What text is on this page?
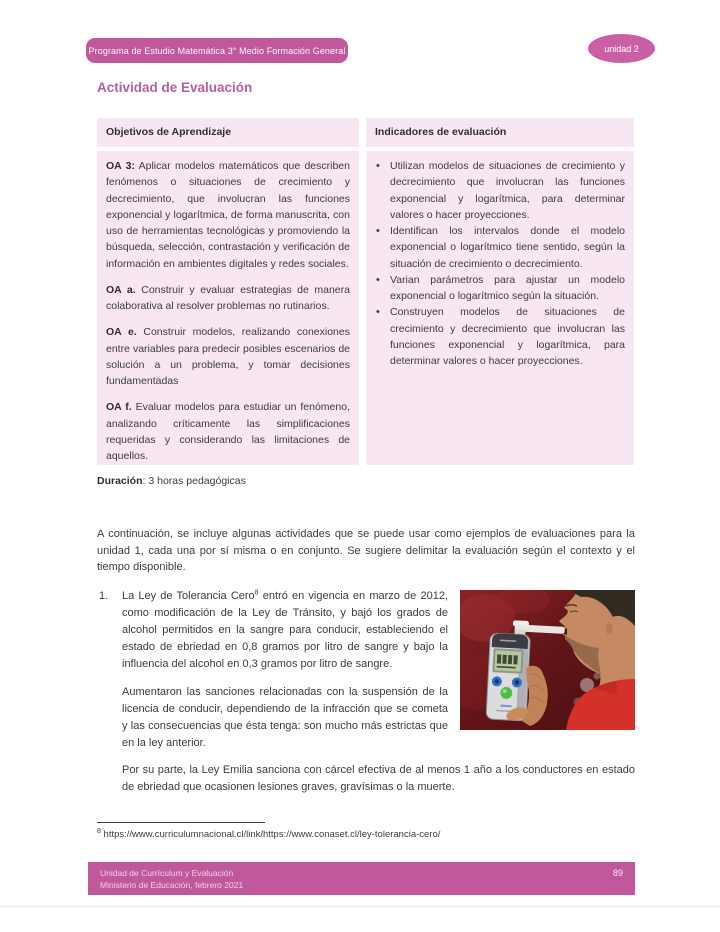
Programa de Estudio Matemática 3° Medio Formación General	unidad 2
Actividad de Evaluación
Objetivos de Aprendizaje	Indicadores de evaluación

OA 3: Aplicar modelos matemáticos que describen fenómenos o situaciones de crecimiento y decrecimiento, que involucran las funciones exponencial y logarítmica, de forma manuscrita, con uso de herramientas tecnológicas y promoviendo la búsqueda, selección, contrastación y verificación de información en ambientes digitales y redes sociales.

OA a. Construir y evaluar estrategias de manera colaborativa al resolver problemas no rutinarios.

OA e. Construir modelos, realizando conexiones entre variables para predecir posibles escenarios de solución a un problema, y tomar decisiones fundamentadas

OA f. Evaluar modelos para estudiar un fenómeno, analizando críticamente las simplificaciones requeridas y considerando las limitaciones de aquellos.

• Utilizan modelos de situaciones de crecimiento y decrecimiento que involucran las funciones exponencial y logarítmica, para determinar valores o hacer proyecciones.
• Identifican los intervalos donde el modelo exponencial o logarítmico tiene sentido, según la situación de crecimiento o decrecimiento.
• Varian parámetros para ajustar un modelo exponencial o logarítmico según la situación.
• Construyen modelos de situaciones de crecimiento y decrecimiento que involucran las funciones exponencial y logarítmica, para determinar valores o hacer proyecciones.

Duración: 3 horas pedagógicas

A continuación, se incluye algunas actividades que se puede usar como ejemplos de evaluaciones para la unidad 1, cada una por sí misma o en conjunto. Se sugiere delimitar la evaluación según el contexto y el tiempo disponible.

1. La Ley de Tolerancia Cero$^8$ entró en vigencia en marzo de 2012, como modificación de la Ley de Tránsito, y bajó los grados de alcohol permitidos en la sangre para conducir, estableciendo el estado de ebriedad en 0,8 gramos por litro de sangre y bajo la influencia del alcohol en 0,3 gramos por litro de sangre.

Aumentaron las sanciones relacionadas con la suspensión de la licencia de conducir, dependiendo de la infracción que se cometa y las consecuencias que ésta tenga: son mucho más estrictas que en la ley anterior.

Por su parte, la Ley Emilia sanciona con cárcel efectiva de al menos 1 año a los conductores en estado de ebriedad que ocasionen lesiones graves, gravísimas o la muerte.

$^8$ https://www.curriculumnacional.cl/link/https://www.conaset.cl/ley-tolerancia-cero/

Unidad de Currículum y Evaluación
Ministerio de Educación, febrero 2021
89
